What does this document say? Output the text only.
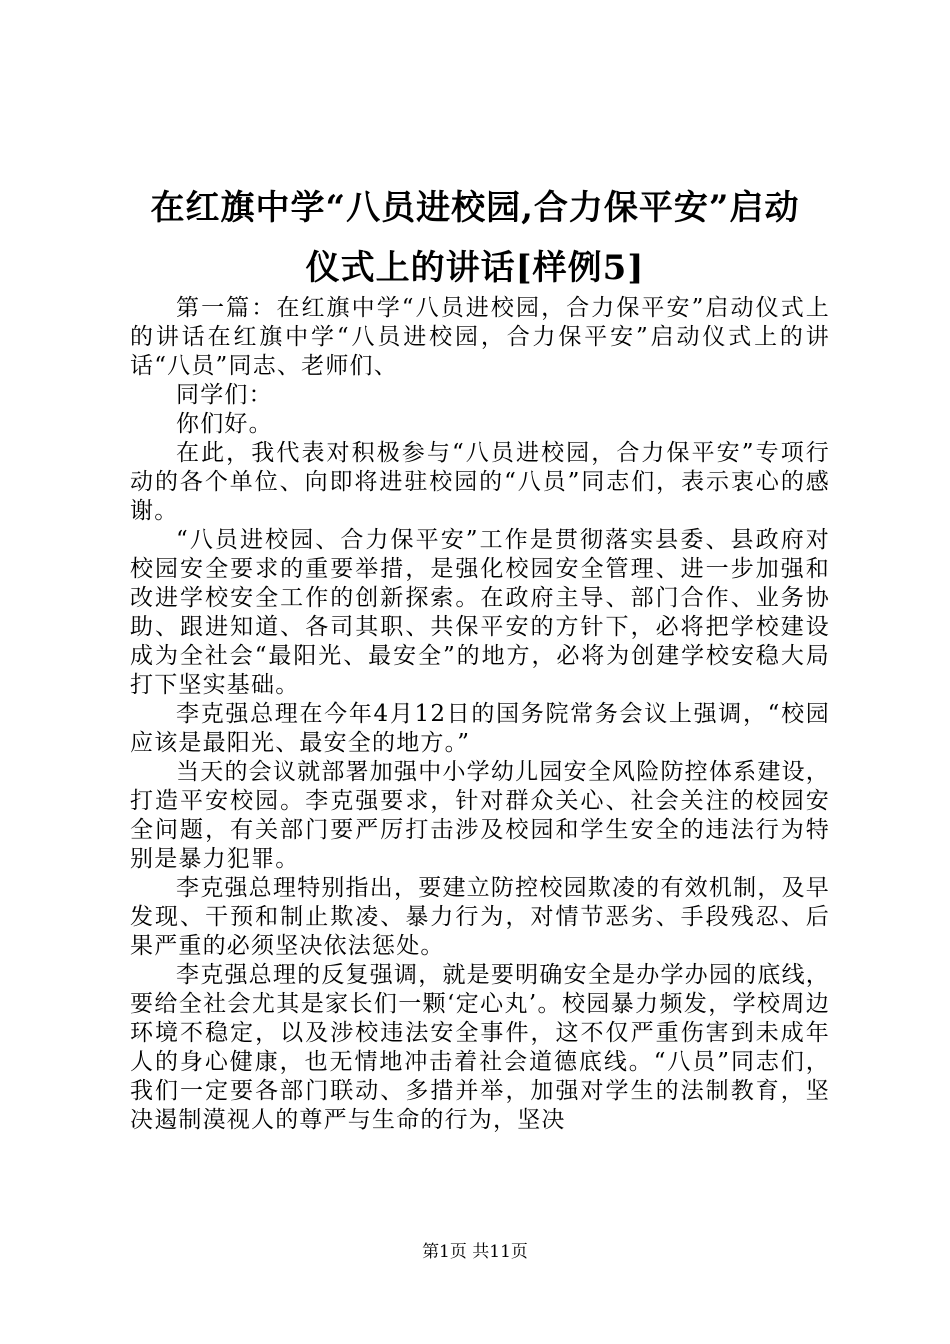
在红旗中学“八员进校园,合力保平安”启动
仪式上的讲话[样例5]

第一篇：在红旗中学“八员进校园，合力保平安”启动仪式上的讲话在红旗中学“八员进校园，合力保平安”启动仪式上的讲话“八员”同志、老师们、

同学们：

你们好。

在此，我代表对积极参与“八员进校园，合力保平安”专项行动的各个单位、向即将进驻校园的“八员”同志们，表示衷心的感谢。

“八员进校园、合力保平安”工作是贯彻落实县委、县政府对校园安全要求的重要举措，是强化校园安全管理、进一步加强和改进学校安全工作的创新探索。在政府主导、部门合作、业务协助、跟进知道、各司其职、共保平安的方针下，必将把学校建设成为全社会“最阳光、最安全”的地方，必将为创建学校安稳大局打下坚实基础。

李克强总理在今年4月12日的国务院常务会议上强调，“校园应该是最阳光、最安全的地方。”

当天的会议就部署加强中小学幼儿园安全风险防控体系建设，打造平安校园。李克强要求，针对群众关心、社会关注的校园安全问题，有关部门要严厉打击涉及校园和学生安全的违法行为特别是暴力犯罪。

李克强总理特别指出，要建立防控校园欺凌的有效机制，及早发现、干预和制止欺凌、暴力行为，对情节恶劣、手段残忍、后果严重的必须坚决依法惩处。

李克强总理的反复强调，就是要明确安全是办学办园的底线，要给全社会尤其是家长们一颗‘定心丸’。校园暴力频发，学校周边环境不稳定，以及涉校违法安全事件，这不仅严重伤害到未成年人的身心健康，也无情地冲击着社会道德底线。“八员”同志们，我们一定要各部门联动、多措并举，加强对学生的法制教育，坚决遏制漠视人的尊严与生命的行为，坚决

第1页 共11页
